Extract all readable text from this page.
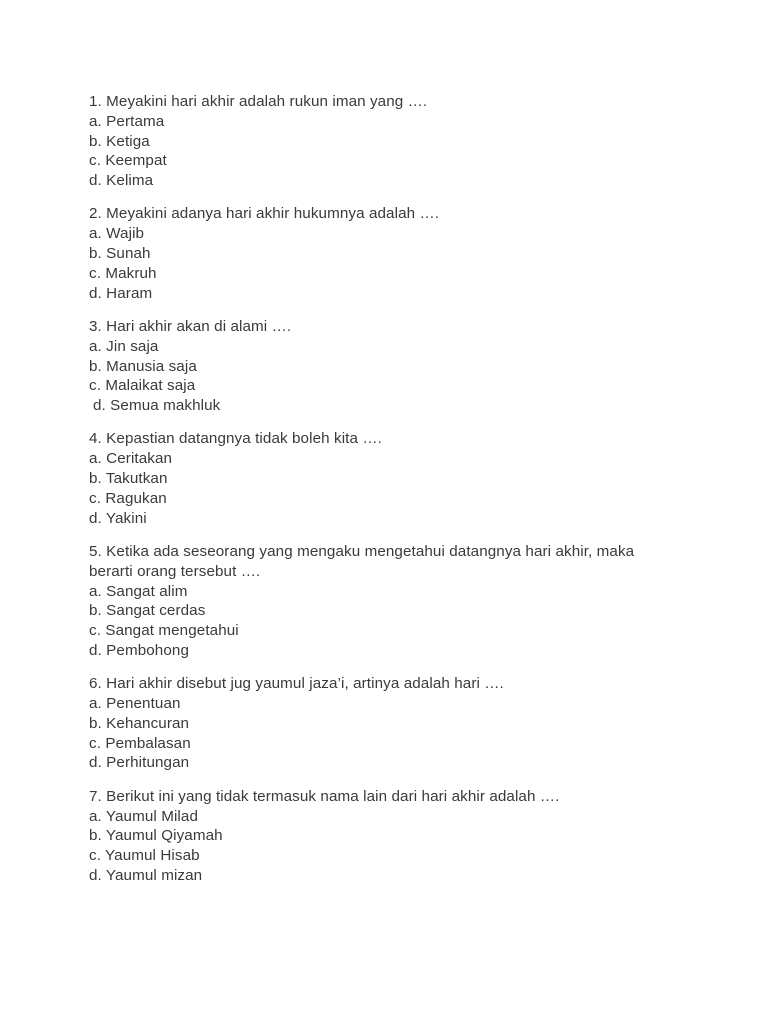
1. Meyakini hari akhir adalah rukun iman yang ….
a. Pertama
b. Ketiga
c. Keempat
d. Kelima
2. Meyakini adanya hari akhir hukumnya adalah ….
a. Wajib
b. Sunah
c. Makruh
d. Haram
3. Hari akhir akan di alami ….
a. Jin saja
b. Manusia saja
c. Malaikat saja
d. Semua makhluk
4. Kepastian datangnya tidak boleh kita ….
a. Ceritakan
b. Takutkan
c. Ragukan
d. Yakini
5. Ketika ada seseorang yang mengaku mengetahui datangnya hari akhir, maka
berarti orang tersebut ….
a. Sangat alim
b. Sangat cerdas
c. Sangat mengetahui
d. Pembohong
6. Hari akhir disebut jug yaumul jaza’i, artinya adalah hari ….
a. Penentuan
b. Kehancuran
c. Pembalasan
d. Perhitungan
7. Berikut ini yang tidak termasuk nama lain dari hari akhir adalah ….
a. Yaumul Milad
b. Yaumul Qiyamah
c. Yaumul Hisab
d. Yaumul mizan
